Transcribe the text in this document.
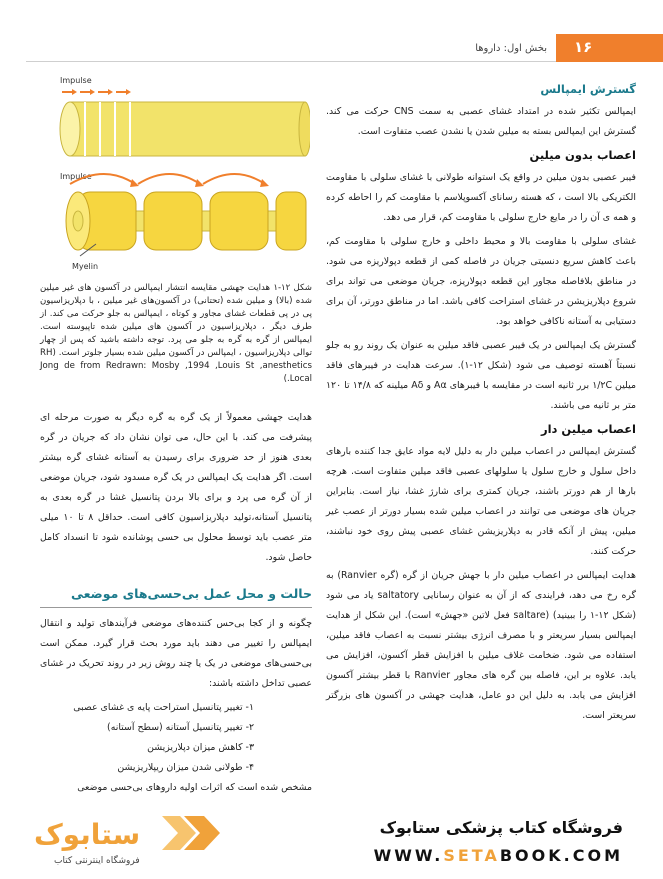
۱۶
بخش اول: داروها
Impulse
Impulse
Myelin
شکل ۱۲-۱ هدایت جهشی مقایسه انتشار ایمپالس در آکسون های غیر میلین شده (بالا) و میلین شده (تحتانی) در آکسون‌های غیر میلین ، با دپلاریزاسیون پی در پی قطعات غشای مجاور و کوتاه ، ایمپالس به جلو حرکت می کند. از طرف دیگر ، دپلاریزاسیون در آکسون های میلین شده تاپیوسته است. ایمپالس از گره به گره به جلو می پرد. توجه داشته باشید که پس از چهار توالی دپلاریزاسیون ، ایمپالس در آکسون میلین شده بسیار جلوتر است. (RH Jong de from Redrawn: Mosby ,1994 ,Louis St ,anesthetics Local.)

هدایت جهشی معمولاً از یک گره به گره دیگر به صورت مرحله ای پیشرفت می کند. با این حال، می توان نشان داد که جریان در گره بعدی هنوز از حد ضروری برای رسیدن به آستانه غشای گره بیشتر است. اگر هدایت یک ایمپالس در یک گره مسدود شود، جریان موضعی از آن گره می پرد و برای بالا بردن پتانسیل غشا در گره بعدی به پتانسیل آستانه،تولید دپلاریزاسیون کافی است. حداقل ۸ تا ۱۰ میلی متر عصب باید توسط محلول بی حسی پوشانده شود تا انسداد کامل حاصل شود.

حالت و محل عمل بی‌حسی‌های موضعی

چگونه و از کجا بی‌حس کننده‌های موضعی فرآیندهای تولید و انتقال ایمپالس را تغییر می دهند باید مورد بحث قرار گیرد. ممکن است بی‌حسی‌های موضعی در یک یا چند روش زیر در روند تحریک در غشای عصبی تداخل داشته باشند:

۱- تغییر پتانسیل استراحت پایه ی غشای عصبی
۲- تغییر پتانسیل آستانه (سطح آستانه)
۳- کاهش میزان دپلاریزیشن
۴- طولانی شدن میزان ریپلاریزیشن

مشخص شده است که اثرات اولیه داروهای بی‌حسی موضعی

گسترش ایمپالس

ایمپالس تکثیر شده در امتداد غشای عصبی به سمت CNS حرکت می کند. گسترش این ایمپالس بسته به میلین شدن یا نشدن عصب متفاوت است.

اعصاب بدون میلین

فیبر عصبی بدون میلین در واقع یک استوانه طولانی با غشای سلولی با مقاومت الکتریکی بالا است ، که هسته رسانای آکسوپلاسم با مقاومت کم را احاطه کرده و همه ی آن را در مایع خارج سلولی با مقاومت کم، قرار می دهد.

غشای سلولی با مقاومت بالا و محیط داخلی و خارج سلولی با مقاومت کم، باعث کاهش سریع دنسیتی جریان در فاصله کمی از قطعه دپولاریزه می شود. در مناطق بلافاصله مجاور این قطعه دپولاریزه، جریان موضعی می تواند برای شروع دپلاریزیشن در غشای استراحت کافی باشد. اما در مناطق دورتر، آن برای دستیابی به آستانه ناکافی خواهد بود.

گسترش یک ایمپالس در یک فیبر عصبی فاقد میلین به عنوان یک روند رو به جلو نسبتاً آهسته توصیف می شود (شکل ۱۲-۱). سرعت هدایت در فیبرهای فاقد میلین ۱/۲C برر ثانیه است در مقایسه با فیبرهای Aα و Aδ میلینه که ۱۴/۸ تا ۱۲۰ متر بر ثانیه می باشند.

اعصاب میلین دار

گسترش ایمپالس در اعصاب میلین دار به دلیل لایه مواد عایق جدا کننده بارهای داخل سلول و خارج سلول یا سلولهای عصبی فاقد میلین متفاوت است. هرچه بارها از هم دورتر باشند، جریان کمتری برای شارژ غشا، نیاز است. بنابراین جریان های موضعی می توانند در اعصاب میلین شده بسیار دورتر از عصب غیر میلین، پیش از آنکه قادر به دپلاریزیشن غشای عصبی پیش روی خود نباشند، حرکت کنند.

هدایت ایمپالس در اعصاب میلین دار با جهش جریان از گره (گره Ranvier) به گره رخ می دهد، فرایندی که از آن به عنوان رسانایی saltatory یاد می شود (شکل ۱۲-۱ را ببینید) (saltare فعل لاتین «جهش» است). این شکل از هدایت ایمپالس بسیار سریعتر و با مصرف انرژی بیشتر نسبت به اعصاب فاقد میلین، استفاده می شود. ضخامت غلاف میلین با افزایش قطر آکسون، افزایش می یابد. علاوه بر این، فاصله بین گره های مجاور Ranvier با قطر بیشتر آکسون افزایش می یابد. به دلیل این دو عامل، هدایت جهشی در آکسون های بزرگتر سریعتر است.

ستابوک
فروشگاه اینترنتی کتاب
فروشگاه کتاب پزشکی ستابوک
WWW.SETABOOK.COM
